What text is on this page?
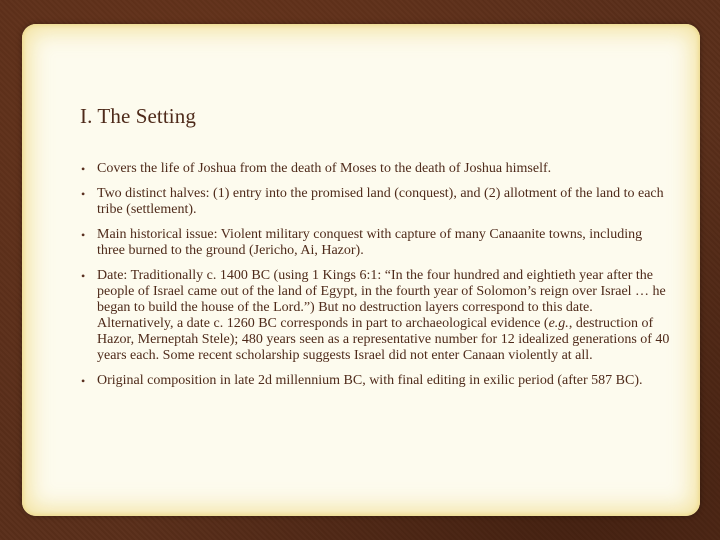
I. The Setting
• Covers the life of Joshua from the death of Moses to the death of Joshua himself.
• Two distinct halves: (1) entry into the promised land (conquest), and (2) allotment of the land to each tribe (settlement).
• Main historical issue: Violent military conquest with capture of many Canaanite towns, including three burned to the ground (Jericho, Ai, Hazor).
• Date: Traditionally c. 1400 BC (using 1 Kings 6:1: “In the four hundred and eightieth year after the people of Israel came out of the land of Egypt, in the fourth year of Solomon’s reign over Israel … he began to build the house of the Lord.”) But no destruction layers correspond to this date. Alternatively, a date c. 1260 BC corresponds in part to archaeological evidence (e.g., destruction of Hazor, Merneptah Stele); 480 years seen as a representative number for 12 idealized generations of 40 years each. Some recent scholarship suggests Israel did not enter Canaan violently at all.
• Original composition in late 2d millennium BC, with final editing in exilic period (after 587 BC).
